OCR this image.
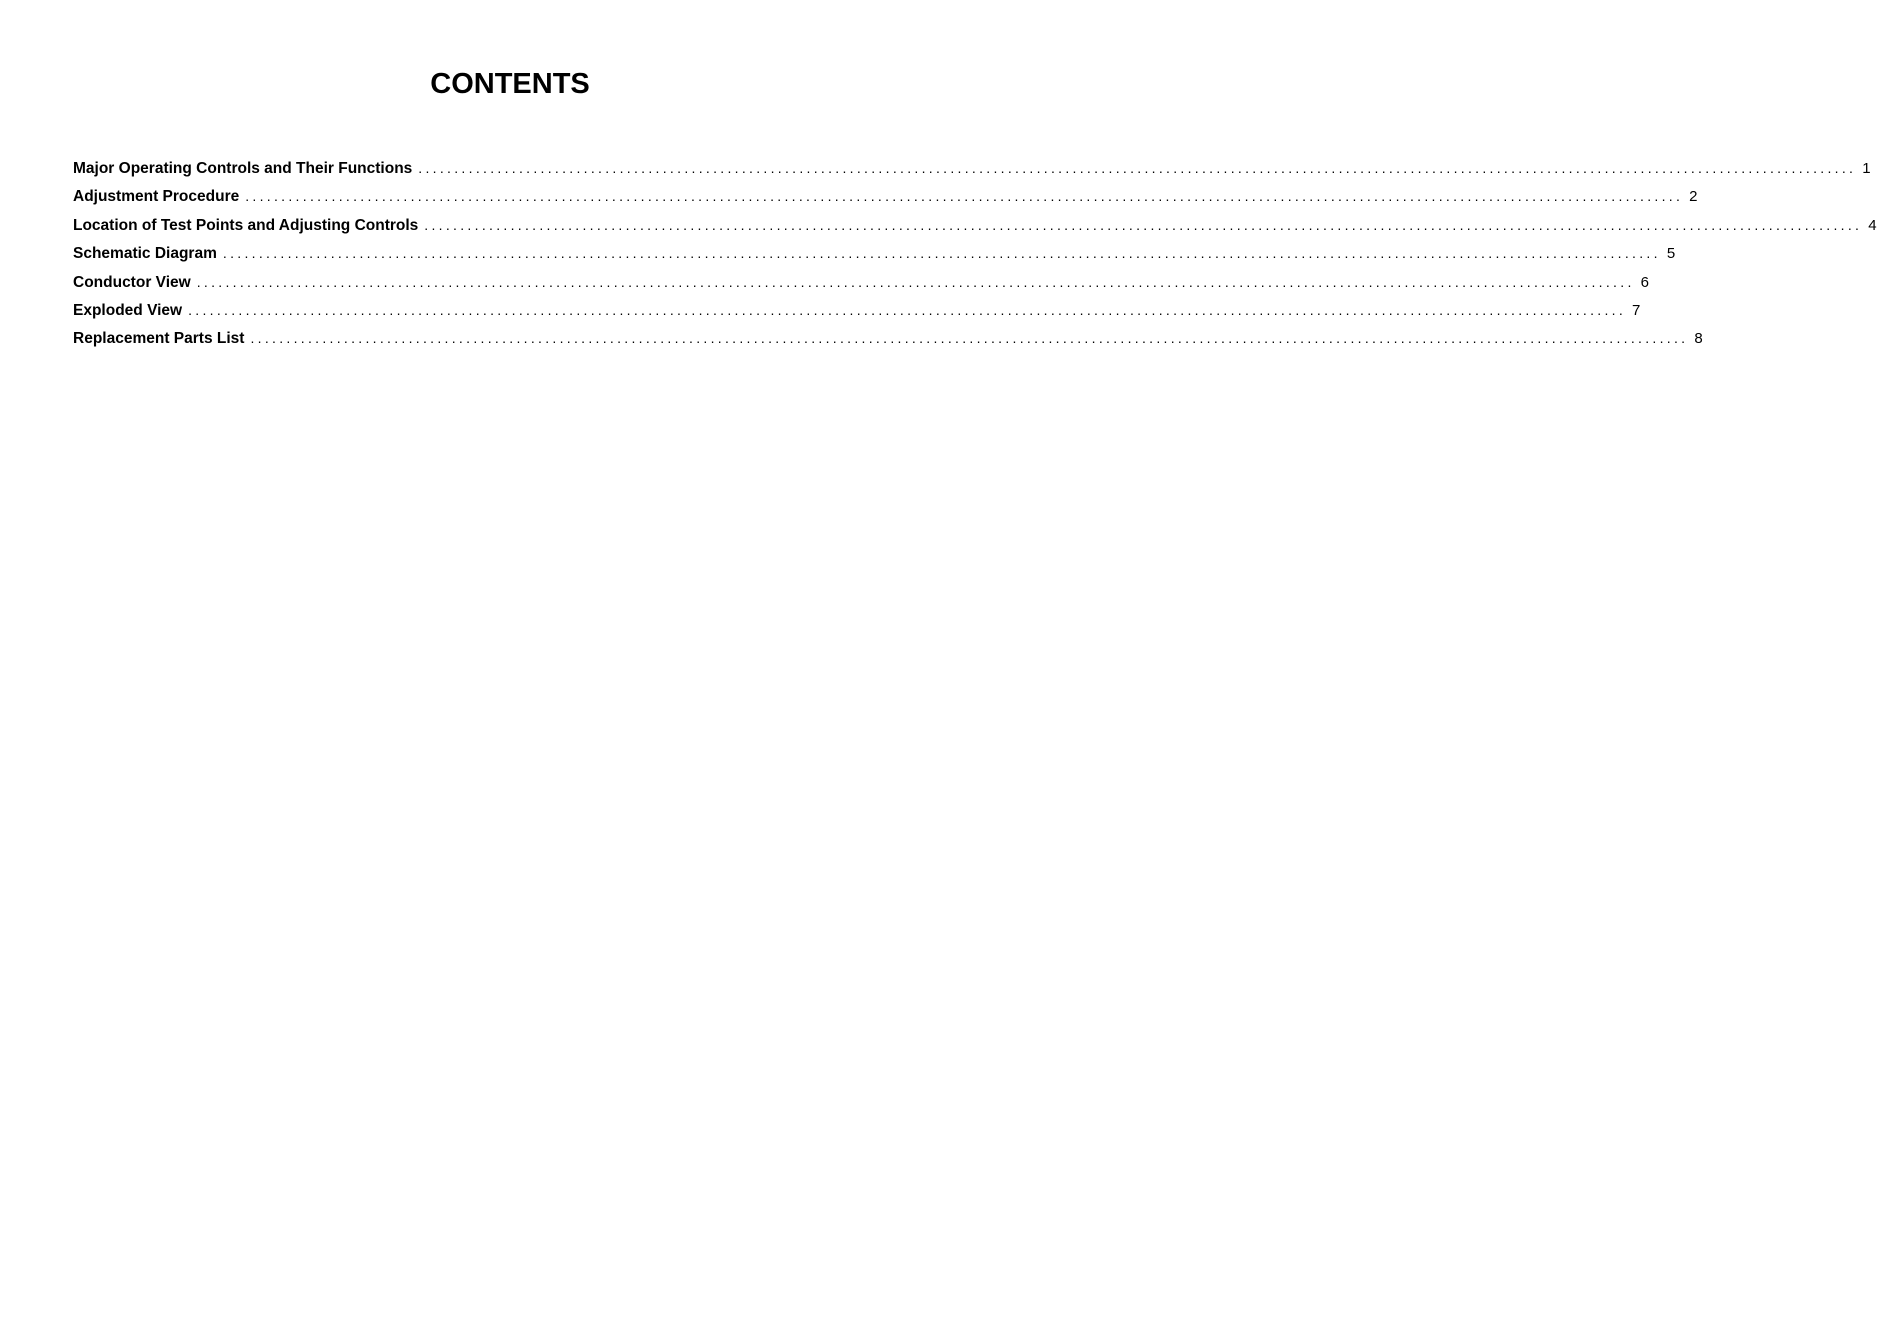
CONTENTS
Major Operating Controls and Their Functions ........................................................................................................................................................................................................ 1
Adjustment Procedure ........................................................................................................................................................................................................ 2
Location of Test Points and Adjusting Controls ........................................................................................................................................................................................................ 4
Schematic Diagram ........................................................................................................................................................................................................ 5
Conductor View ........................................................................................................................................................................................................ 6
Exploded View ........................................................................................................................................................................................................ 7
Replacement Parts List ........................................................................................................................................................................................................ 8
